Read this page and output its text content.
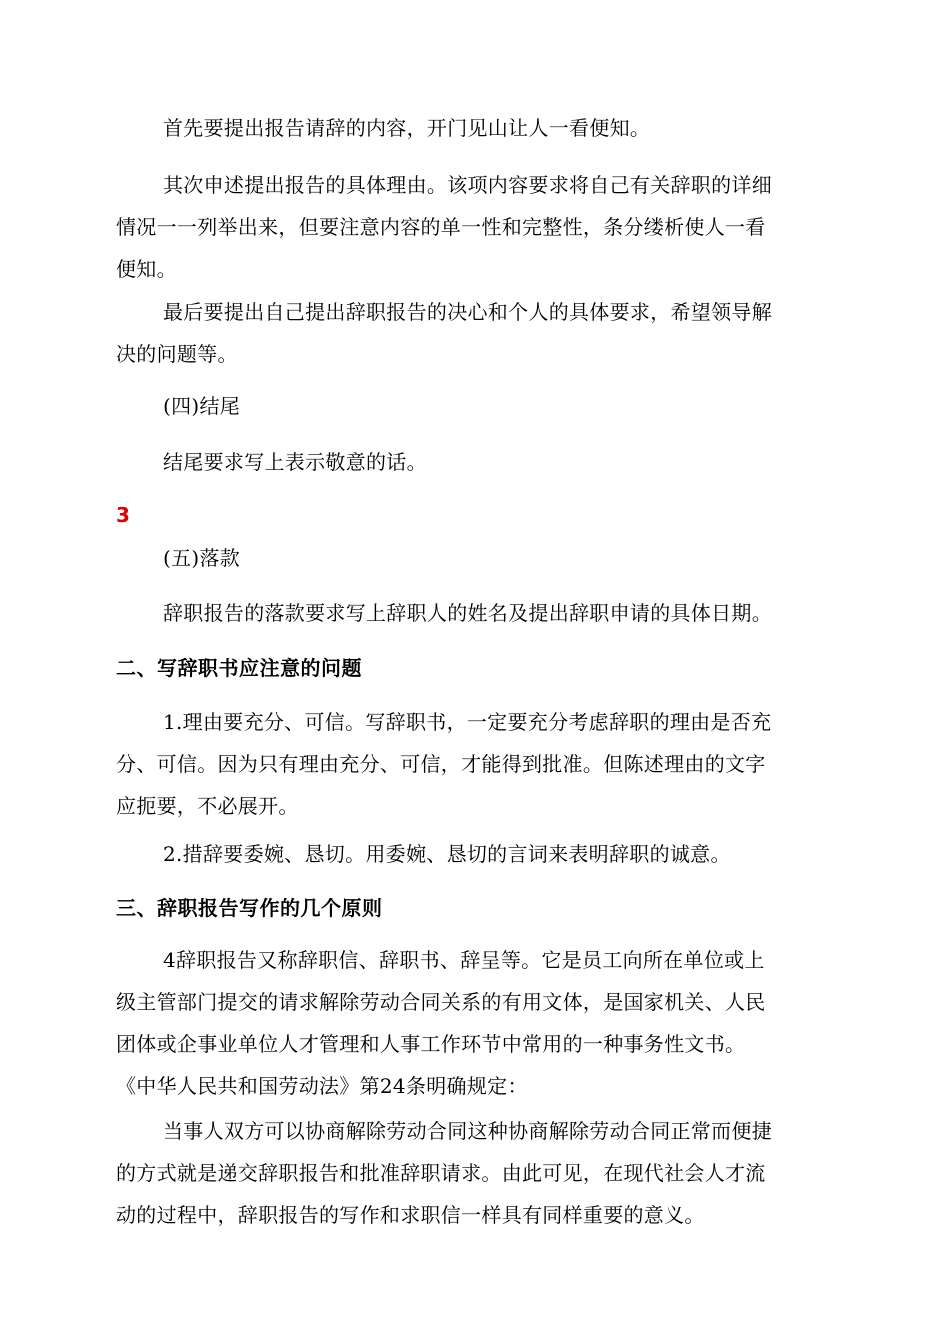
首先要提出报告请辞的内容，开门见山让人一看便知。

其次申述提出报告的具体理由。该项内容要求将自己有关辞职的详细
情况一一列举出来，但要注意内容的单一性和完整性，条分缕析使人一看
便知。

最后要提出自己提出辞职报告的决心和个人的具体要求，希望领导解
决的问题等。

(四)结尾

结尾要求写上表示敬意的话。

3

(五)落款

辞职报告的落款要求写上辞职人的姓名及提出辞职申请的具体日期。

二、写辞职书应注意的问题

1.理由要充分、可信。写辞职书，一定要充分考虑辞职的理由是否充
分、可信。因为只有理由充分、可信，才能得到批准。但陈述理由的文字
应扼要，不必展开。

2.措辞要委婉、恳切。用委婉、恳切的言词来表明辞职的诚意。

三、辞职报告写作的几个原则

4辞职报告又称辞职信、辞职书、辞呈等。它是员工向所在单位或上
级主管部门提交的请求解除劳动合同关系的有用文体，是国家机关、人民
团体或企事业单位人才管理和人事工作环节中常用的一种事务性文书。
《中华人民共和国劳动法》第24条明确规定：

当事人双方可以协商解除劳动合同这种协商解除劳动合同正常而便捷
的方式就是递交辞职报告和批准辞职请求。由此可见，在现代社会人才流
动的过程中，辞职报告的写作和求职信一样具有同样重要的意义。
